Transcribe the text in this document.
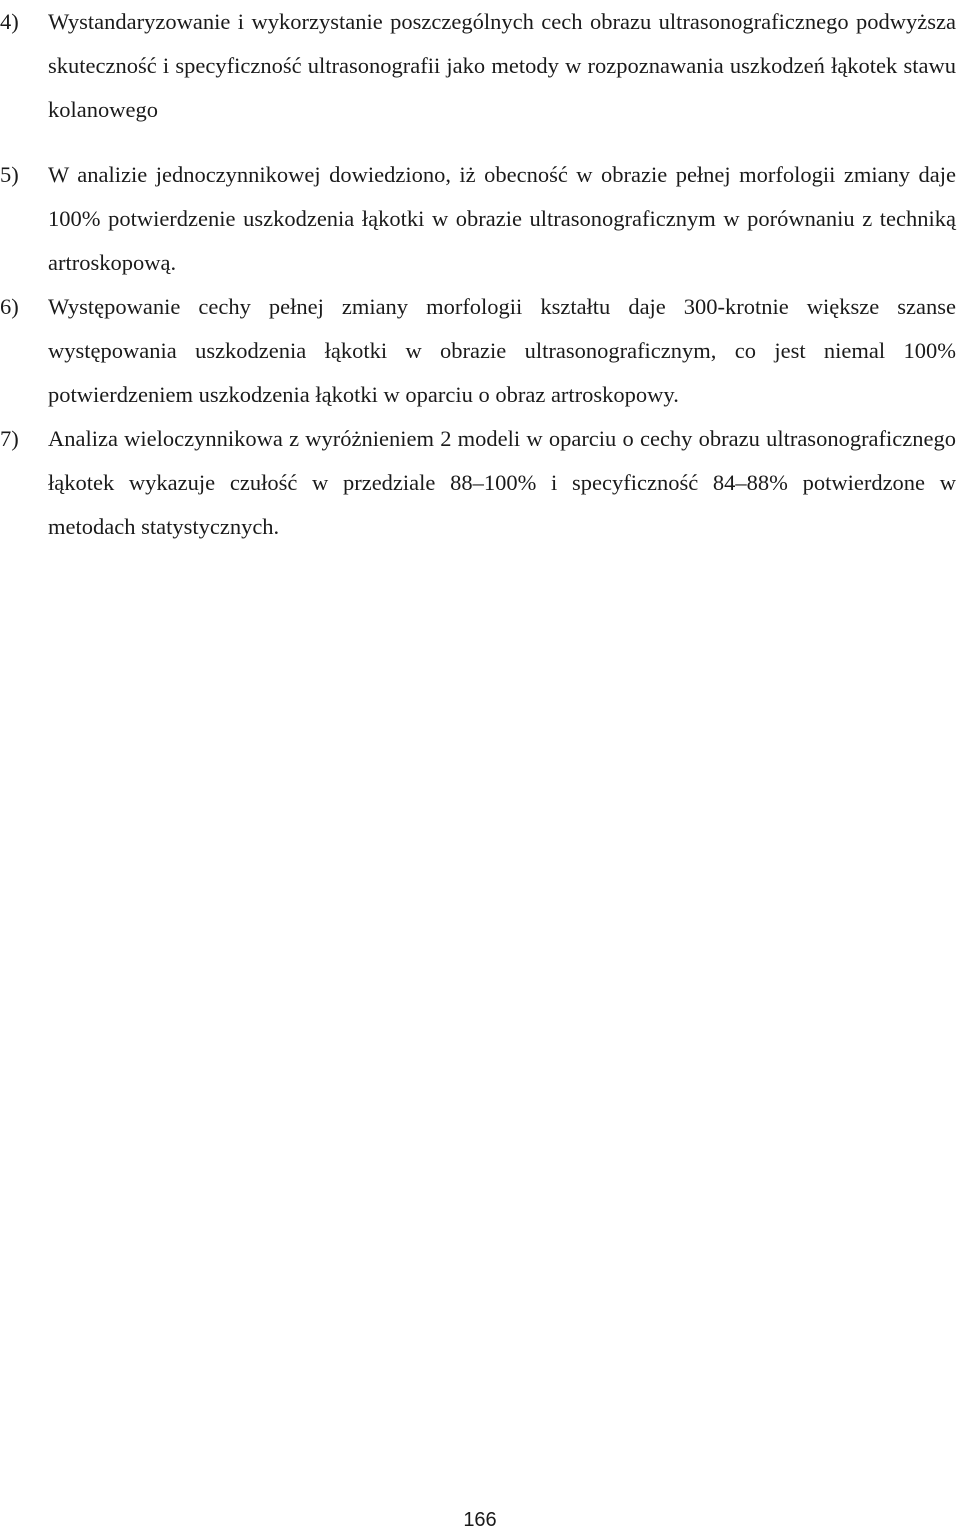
4)	Wystandaryzowanie i wykorzystanie poszczególnych cech obrazu ultrasonograficznego podwyższa skuteczność i specyficzność ultrasonografii jako metody w rozpoznawania uszkodzeń łąkotek stawu kolanowego
5)	W analizie jednoczynnikowej dowiedziono, iż obecność w obrazie pełnej morfologii zmiany daje 100% potwierdzenie uszkodzenia łąkotki w obrazie ultrasonograficznym w porównaniu z techniką artroskopową.
6)	Występowanie cechy pełnej zmiany morfologii kształtu daje 300-krotnie większe szanse występowania uszkodzenia łąkotki w obrazie ultrasonograficznym, co jest niemal 100% potwierdzeniem uszkodzenia łąkotki w oparciu o obraz artroskopowy.
7)	Analiza wieloczynnikowa z wyróżnieniem 2 modeli w oparciu o cechy obrazu ultrasonograficznego łąkotek wykazuje czułość w przedziale 88–100% i specyficzność 84–88% potwierdzone w metodach statystycznych.
166
